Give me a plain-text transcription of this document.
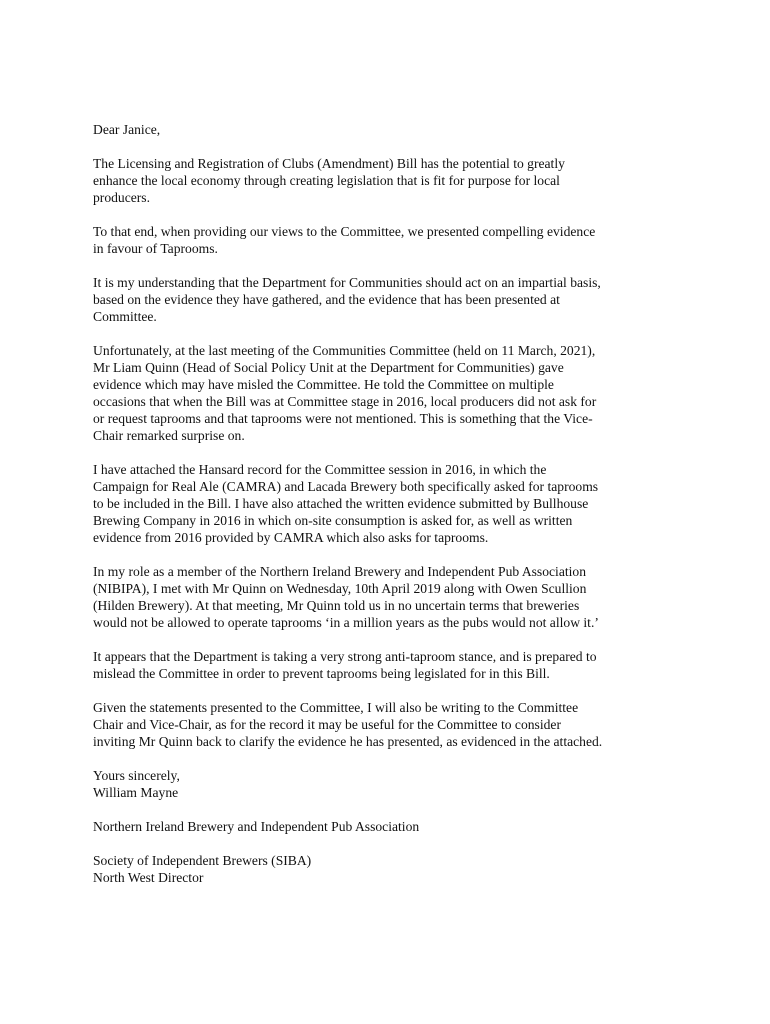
Dear Janice,

The Licensing and Registration of Clubs (Amendment) Bill has the potential to greatly
enhance the local economy through creating legislation that is fit for purpose for local
producers.

To that end, when providing our views to the Committee, we presented compelling evidence
in favour of Taprooms.

It is my understanding that the Department for Communities should act on an impartial basis,
based on the evidence they have gathered, and the evidence that has been presented at
Committee.

Unfortunately, at the last meeting of the Communities Committee (held on 11 March, 2021),
Mr Liam Quinn (Head of Social Policy Unit at the Department for Communities) gave
evidence which may have misled the Committee. He told the Committee on multiple
occasions that when the Bill was at Committee stage in 2016, local producers did not ask for
or request taprooms and that taprooms were not mentioned. This is something that the Vice-
Chair remarked surprise on.

I have attached the Hansard record for the Committee session in 2016, in which the
Campaign for Real Ale (CAMRA) and Lacada Brewery both specifically asked for taprooms
to be included in the Bill. I have also attached the written evidence submitted by Bullhouse
Brewing Company in 2016 in which on-site consumption is asked for, as well as written
evidence from 2016 provided by CAMRA which also asks for taprooms.

In my role as a member of the Northern Ireland Brewery and Independent Pub Association
(NIBIPA), I met with Mr Quinn on Wednesday, 10th April 2019 along with Owen Scullion
(Hilden Brewery). At that meeting, Mr Quinn told us in no uncertain terms that breweries
would not be allowed to operate taprooms ‘in a million years as the pubs would not allow it.’

It appears that the Department is taking a very strong anti-taproom stance, and is prepared to
mislead the Committee in order to prevent taprooms being legislated for in this Bill.

Given the statements presented to the Committee, I will also be writing to the Committee
Chair and Vice-Chair, as for the record it may be useful for the Committee to consider
inviting Mr Quinn back to clarify the evidence he has presented, as evidenced in the attached.

Yours sincerely,
William Mayne

Northern Ireland Brewery and Independent Pub Association

Society of Independent Brewers (SIBA)
North West Director
